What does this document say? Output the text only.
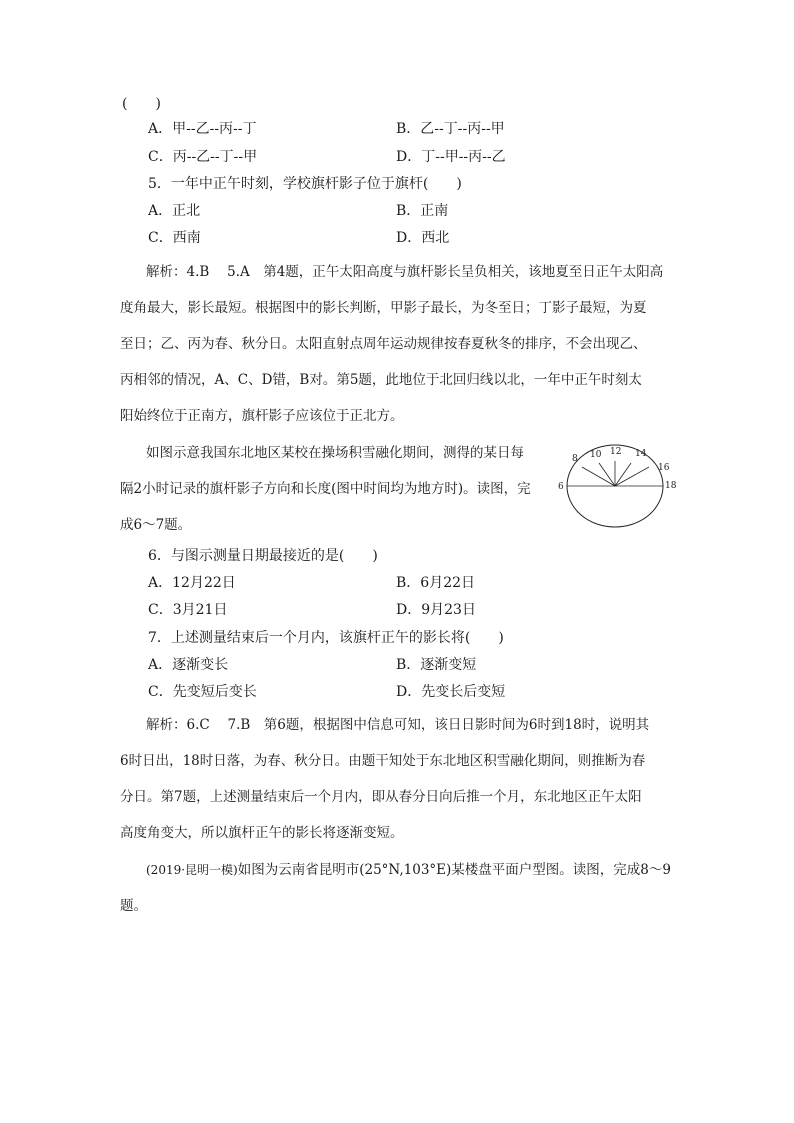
(　　)
A．甲--乙--丙--丁	B．乙--丁--丙--甲
C．丙--乙--丁--甲	D．丁--甲--丙--乙
5．一年中正午时刻，学校旗杆影子位于旗杆(　　)
A．正北	B．正南
C．西南	D．西北
解析：4.B　 5.A　第4题，正午太阳高度与旗杆影长呈负相关，该地夏至日正午太阳高
度角最大，影长最短。根据图中的影长判断，甲影子最长，为冬至日；丁影子最短，为夏
至日；乙、丙为春、秋分日。太阳直射点周年运动规律按春夏秋冬的排序，不会出现乙、
丙相邻的情况，A、C、D错，B对。第5题，此地位于北回归线以北，一年中正午时刻太
阳始终位于正南方，旗杆影子应该位于正北方。
如图示意我国东北地区某校在操场积雪融化期间，测得的某日每
隔2小时记录的旗杆影子方向和长度(图中时间均为地方时)。读图，完
成6～7题。
6
8 10 12 14
16
18
6．与图示测量日期最接近的是(　　)
A．12月22日	B．6月22日
C．3月21日	D．9月23日
7．上述测量结束后一个月内，该旗杆正午的影长将(　　)
A．逐渐变长	B．逐渐变短
C．先变短后变长	D．先变长后变短
解析：6.C　 7.B　第6题，根据图中信息可知，该日日影时间为6时到18时，说明其
6时日出，18时日落，为春、秋分日。由题干知处于东北地区积雪融化期间，则推断为春
分日。第7题，上述测量结束后一个月内，即从春分日向后推一个月，东北地区正午太阳
高度角变大，所以旗杆正午的影长将逐渐变短。
(2019·昆明一模)如图为云南省昆明市(25°N,103°E)某楼盘平面户型图。读图，完成8～9
题。
